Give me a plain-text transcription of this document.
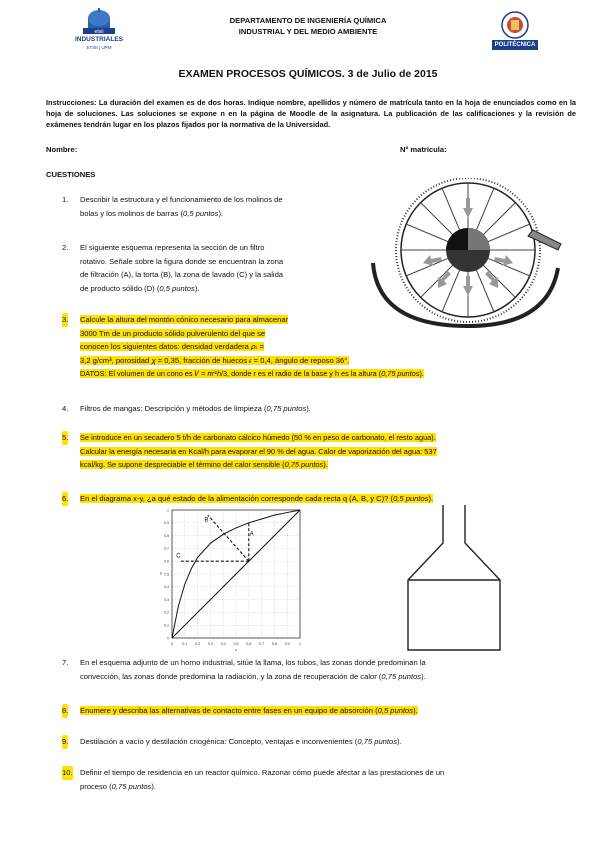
etsii
INDUSTRIALES
ETSII | UPM
DEPARTAMENTO DE INGENIERÍA QUÍMICA
INDUSTRIAL Y DEL MEDIO AMBIENTE
POLITÉCNICA
EXAMEN PROCESOS QUÍMICOS. 3 de Julio de 2015
Instrucciones: La duración del examen es de dos horas. Indique nombre, apellidos y número de matrícula tanto en la hoja de enunciados como en la hoja de soluciones. Las soluciones se expone n en la página de Moodle de la asignatura. La publicación de las calificaciones y la revisión de exámenes tendrán lugar en los plazos fijados por la normativa de la Universidad.
Nombre:	Nº matrícula:
CUESTIONES
1. Describir la estructura y el funcionamiento de los molinos de
bolas y los molinos de barras (0,5 puntos).
2. El siguiente esquema representa la sección de un filtro
rotativo. Señale sobre la figura donde se encuentran la zona
de filtración (A), la torta (B), la zona de lavado (C) y la salida
de producto sólido (D) (0,5 puntos).
3. Calcule la altura del montón cónico necesario para almacenar
3000 Tm de un producto sólido pulverulento del que se
conocen los siguientes datos: densidad verdadera 𝜌ₜ =
3,2 g/cm³, porosidad 𝜒 = 0,35, fracción de huecos 𝜖 = 0,4, ángulo de reposo 36°.
DATOS: El volumen de un cono es 𝑉 = 𝜋𝑟²ℎ/3, donde r es el radio de la base y h es la altura (0,75 puntos).
4. Filtros de mangas: Descripción y métodos de limpieza (0,75 puntos).
5. Se introduce en un secadero 5 t/h de carbonato cálcico húmedo (50 % en peso de carbonato, el resto agua).
Calcular la energía necesaria en Kcal/h para evaporar el 90 % del agua. Calor de vaporización del agua: 537
kcal/kg. Se supone despreciable el término del calor sensible (0,75 puntos).
6. En el diagrama x-y, ¿a qué estado de la alimentación corresponde cada recta q (A, B, y C)? (0,5 puntos).
7. En el esquema adjunto de un horno industrial, sitúe la llama, los tubos, las zonas donde predominan la
convección, las zonas donde predomina la radiación, y la zona de recuperación de calor (0,75 puntos).
8. Enumere y describa las alternativas de contacto entre fases en un equipo de absorción (0,5 puntos).
9. Destilación a vacío y destilación criogénica: Concepto, ventajas e inconvenientes (0,75 puntos).
10. Definir el tiempo de residencia en un reactor químico. Razonar cómo puede afectar a las prestaciones de un
proceso (0,75 puntos).
0	0,1 0,2 0,3 0,4 0,5 0,6 0,7 0,8 0,9	1
0
0,1
0,2
0,3
0,4
0,5
0,6
0,7
0,8
0,9
1
x
y
A
B
C
